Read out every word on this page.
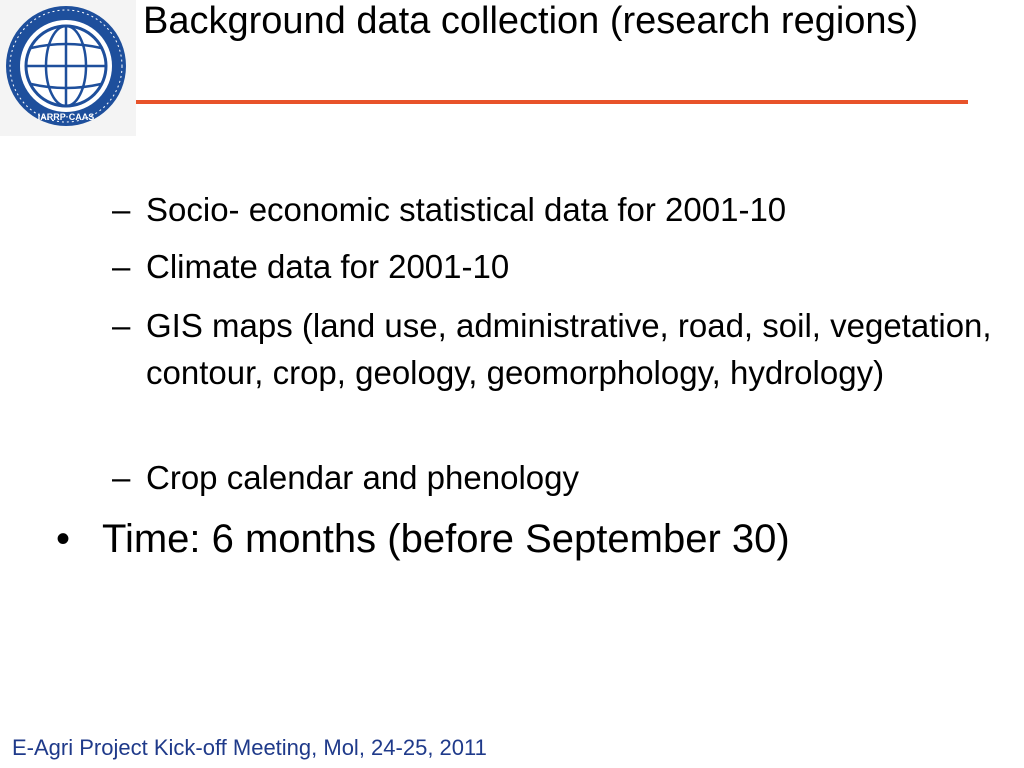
IARRP·CAAS
Background data collection (research regions)
– Socio- economic statistical data for 2001-10
– Climate data for 2001-10
– GIS maps (land use, administrative, road, soil, vegetation, contour, crop, geology, geomorphology, hydrology)
– Crop calendar and phenology
• Time: 6 months (before September 30)
E-Agri Project Kick-off Meeting, Mol, 24-25, 2011
